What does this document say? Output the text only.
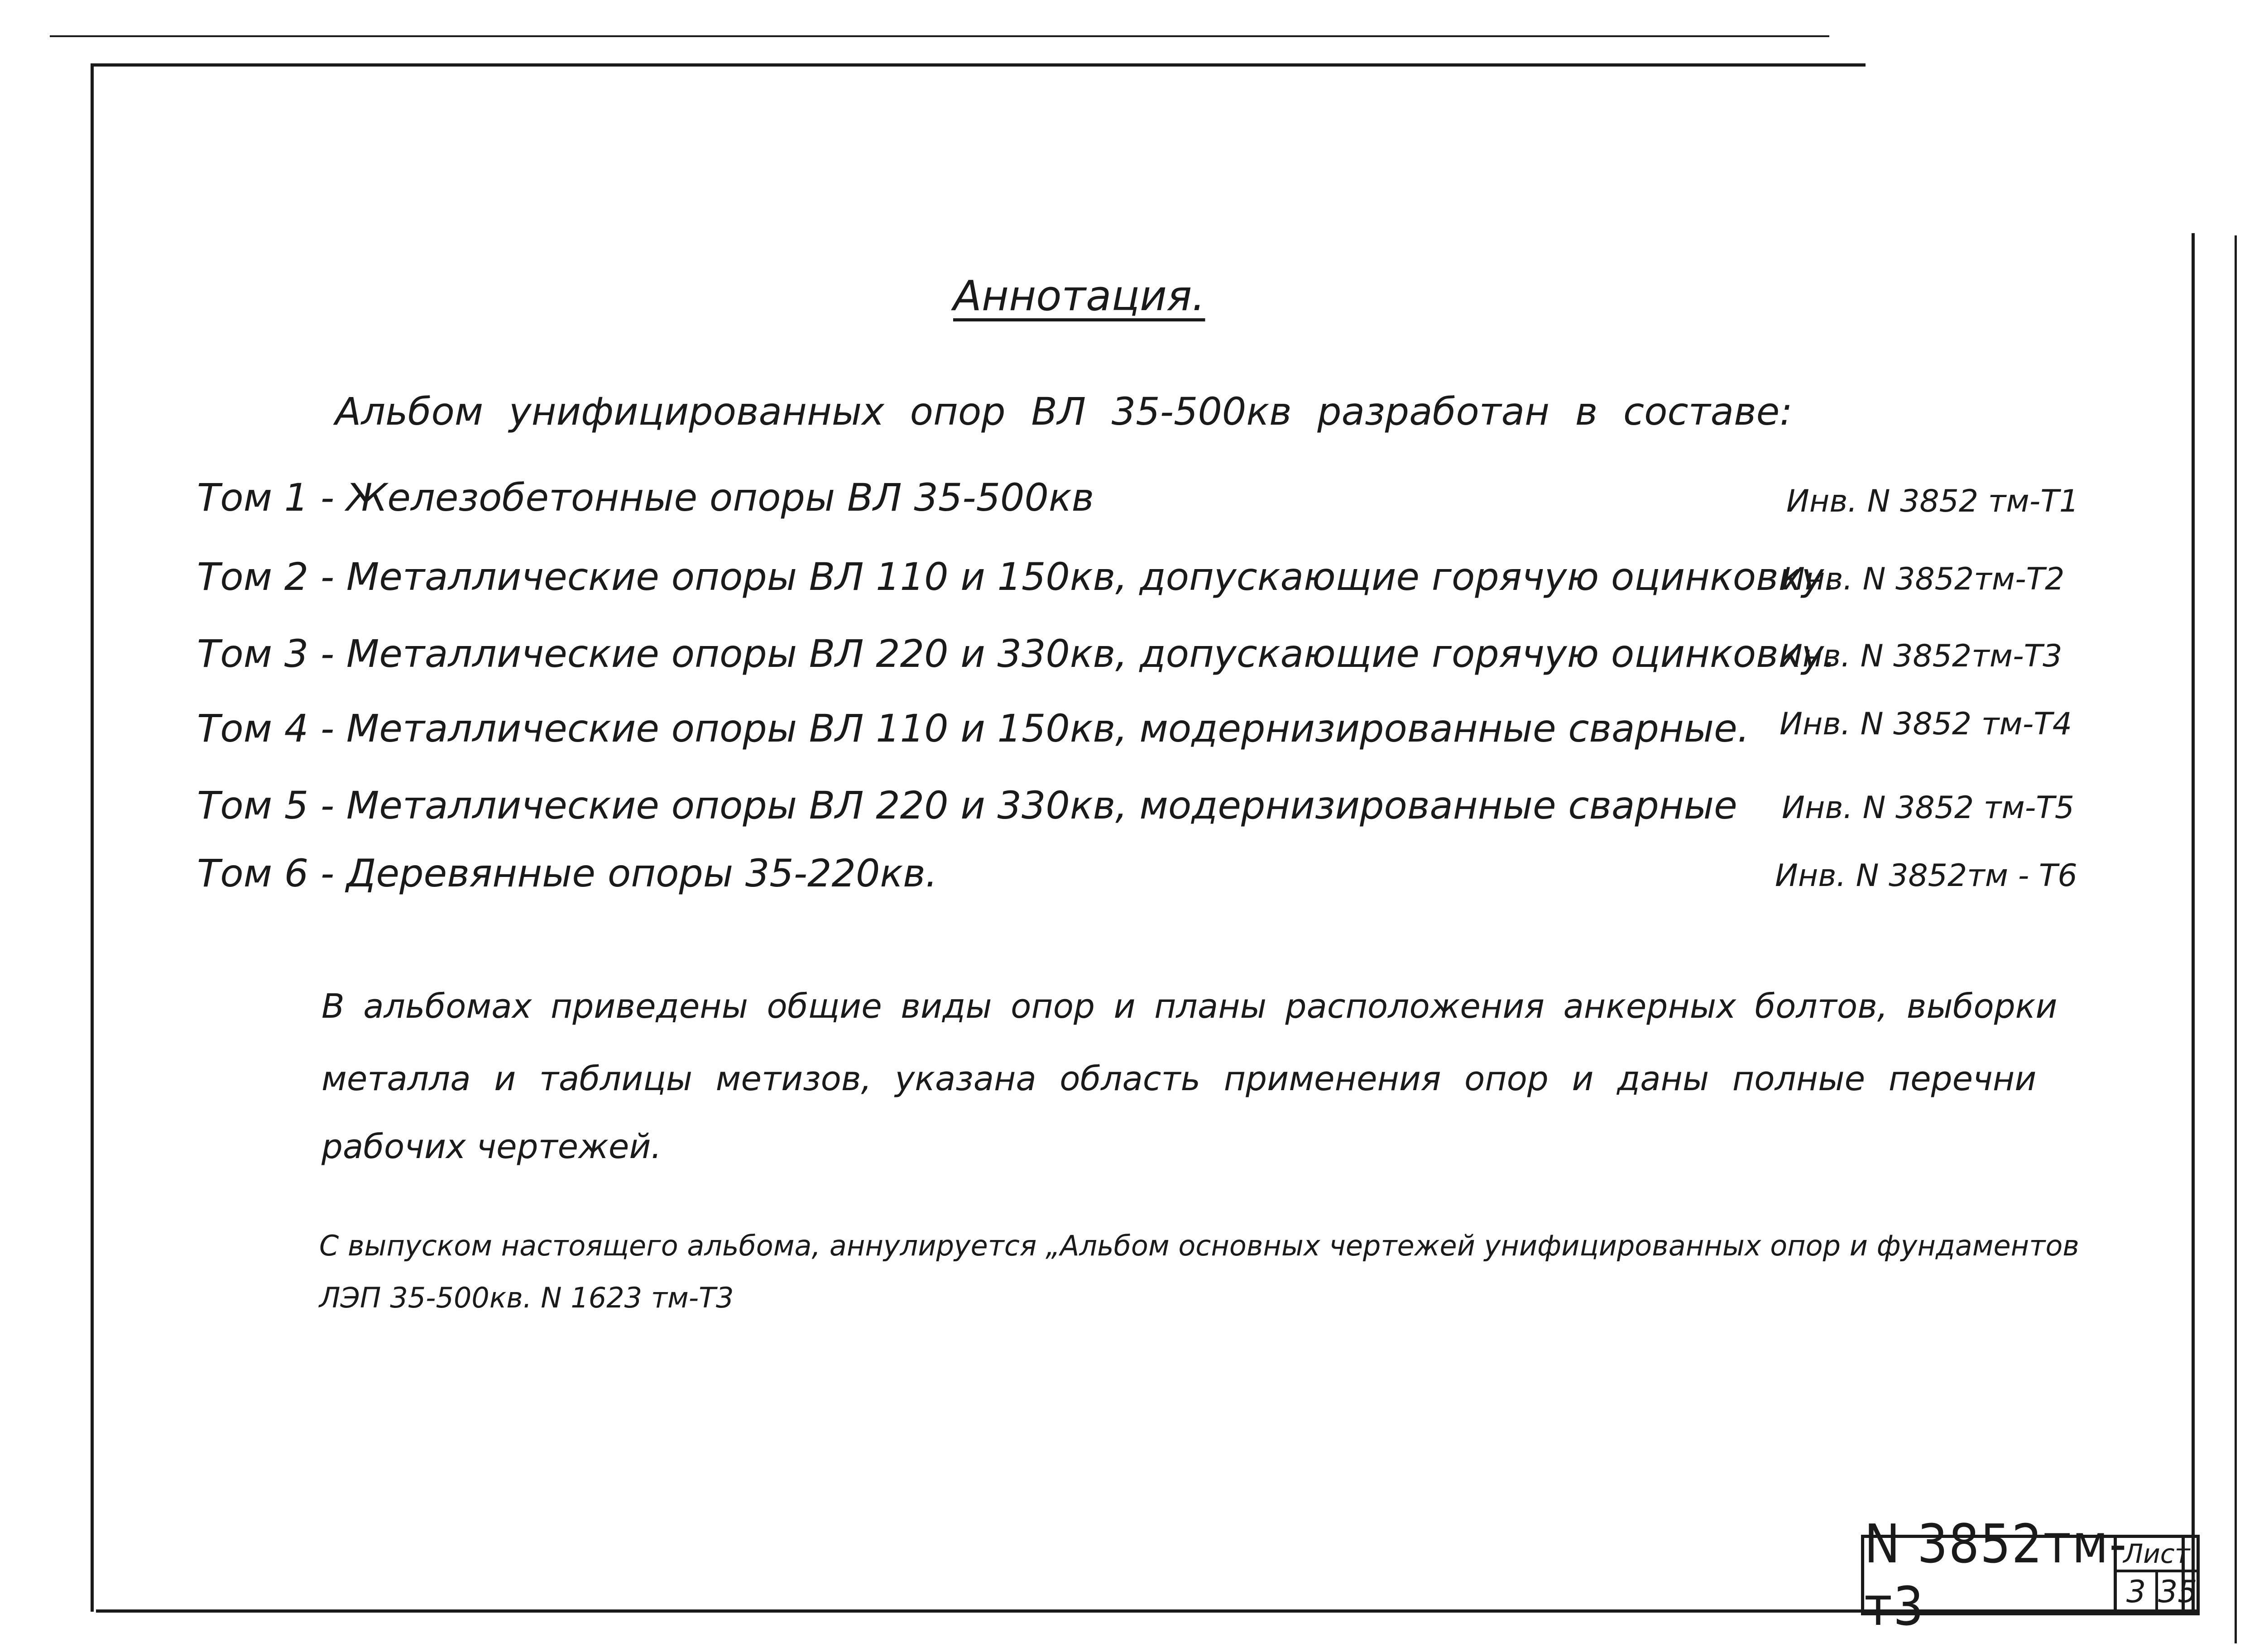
Аннотация.
Альбом унифицированных опор ВЛ 35-500кв разработан в составе:
Том 1 - Железобетонные опоры ВЛ 35-500кв	Инв. N 3852 тм-Т1
Том 2 - Металлические опоры ВЛ 110 и 150кв, допускающие горячую оцинковку.
Инв. N 3852тм-Т2
Том 3 - Металлические опоры ВЛ 220 и 330кв, допускающие горячую оцинковку.
Инв. N 3852тм-Т3
Том 4 - Металлические опоры ВЛ 110 и 150кв, модернизированные сварные. Инв. N 3852 тм-Т4
Том 5 - Металлические опоры ВЛ 220 и 330кв, модернизированные сварные Инв. N 3852 тм-Т5
Том 6 - Деревянные опоры 35-220кв.	Инв. N 3852тм - Т6
В альбомах приведены общие виды опор и планы расположения анкерных болтов, выборки
металла и таблицы метизов, указана область применения опор и даны полные перечни
рабочих чертежей.
С выпуском настоящего альбома, аннулируется „Альбом основных чертежей унифицированных опор и фундаментов
ЛЭП 35-500кв. N 1623 тм-Т3
N 3852тм-т3
Лист
3 35
